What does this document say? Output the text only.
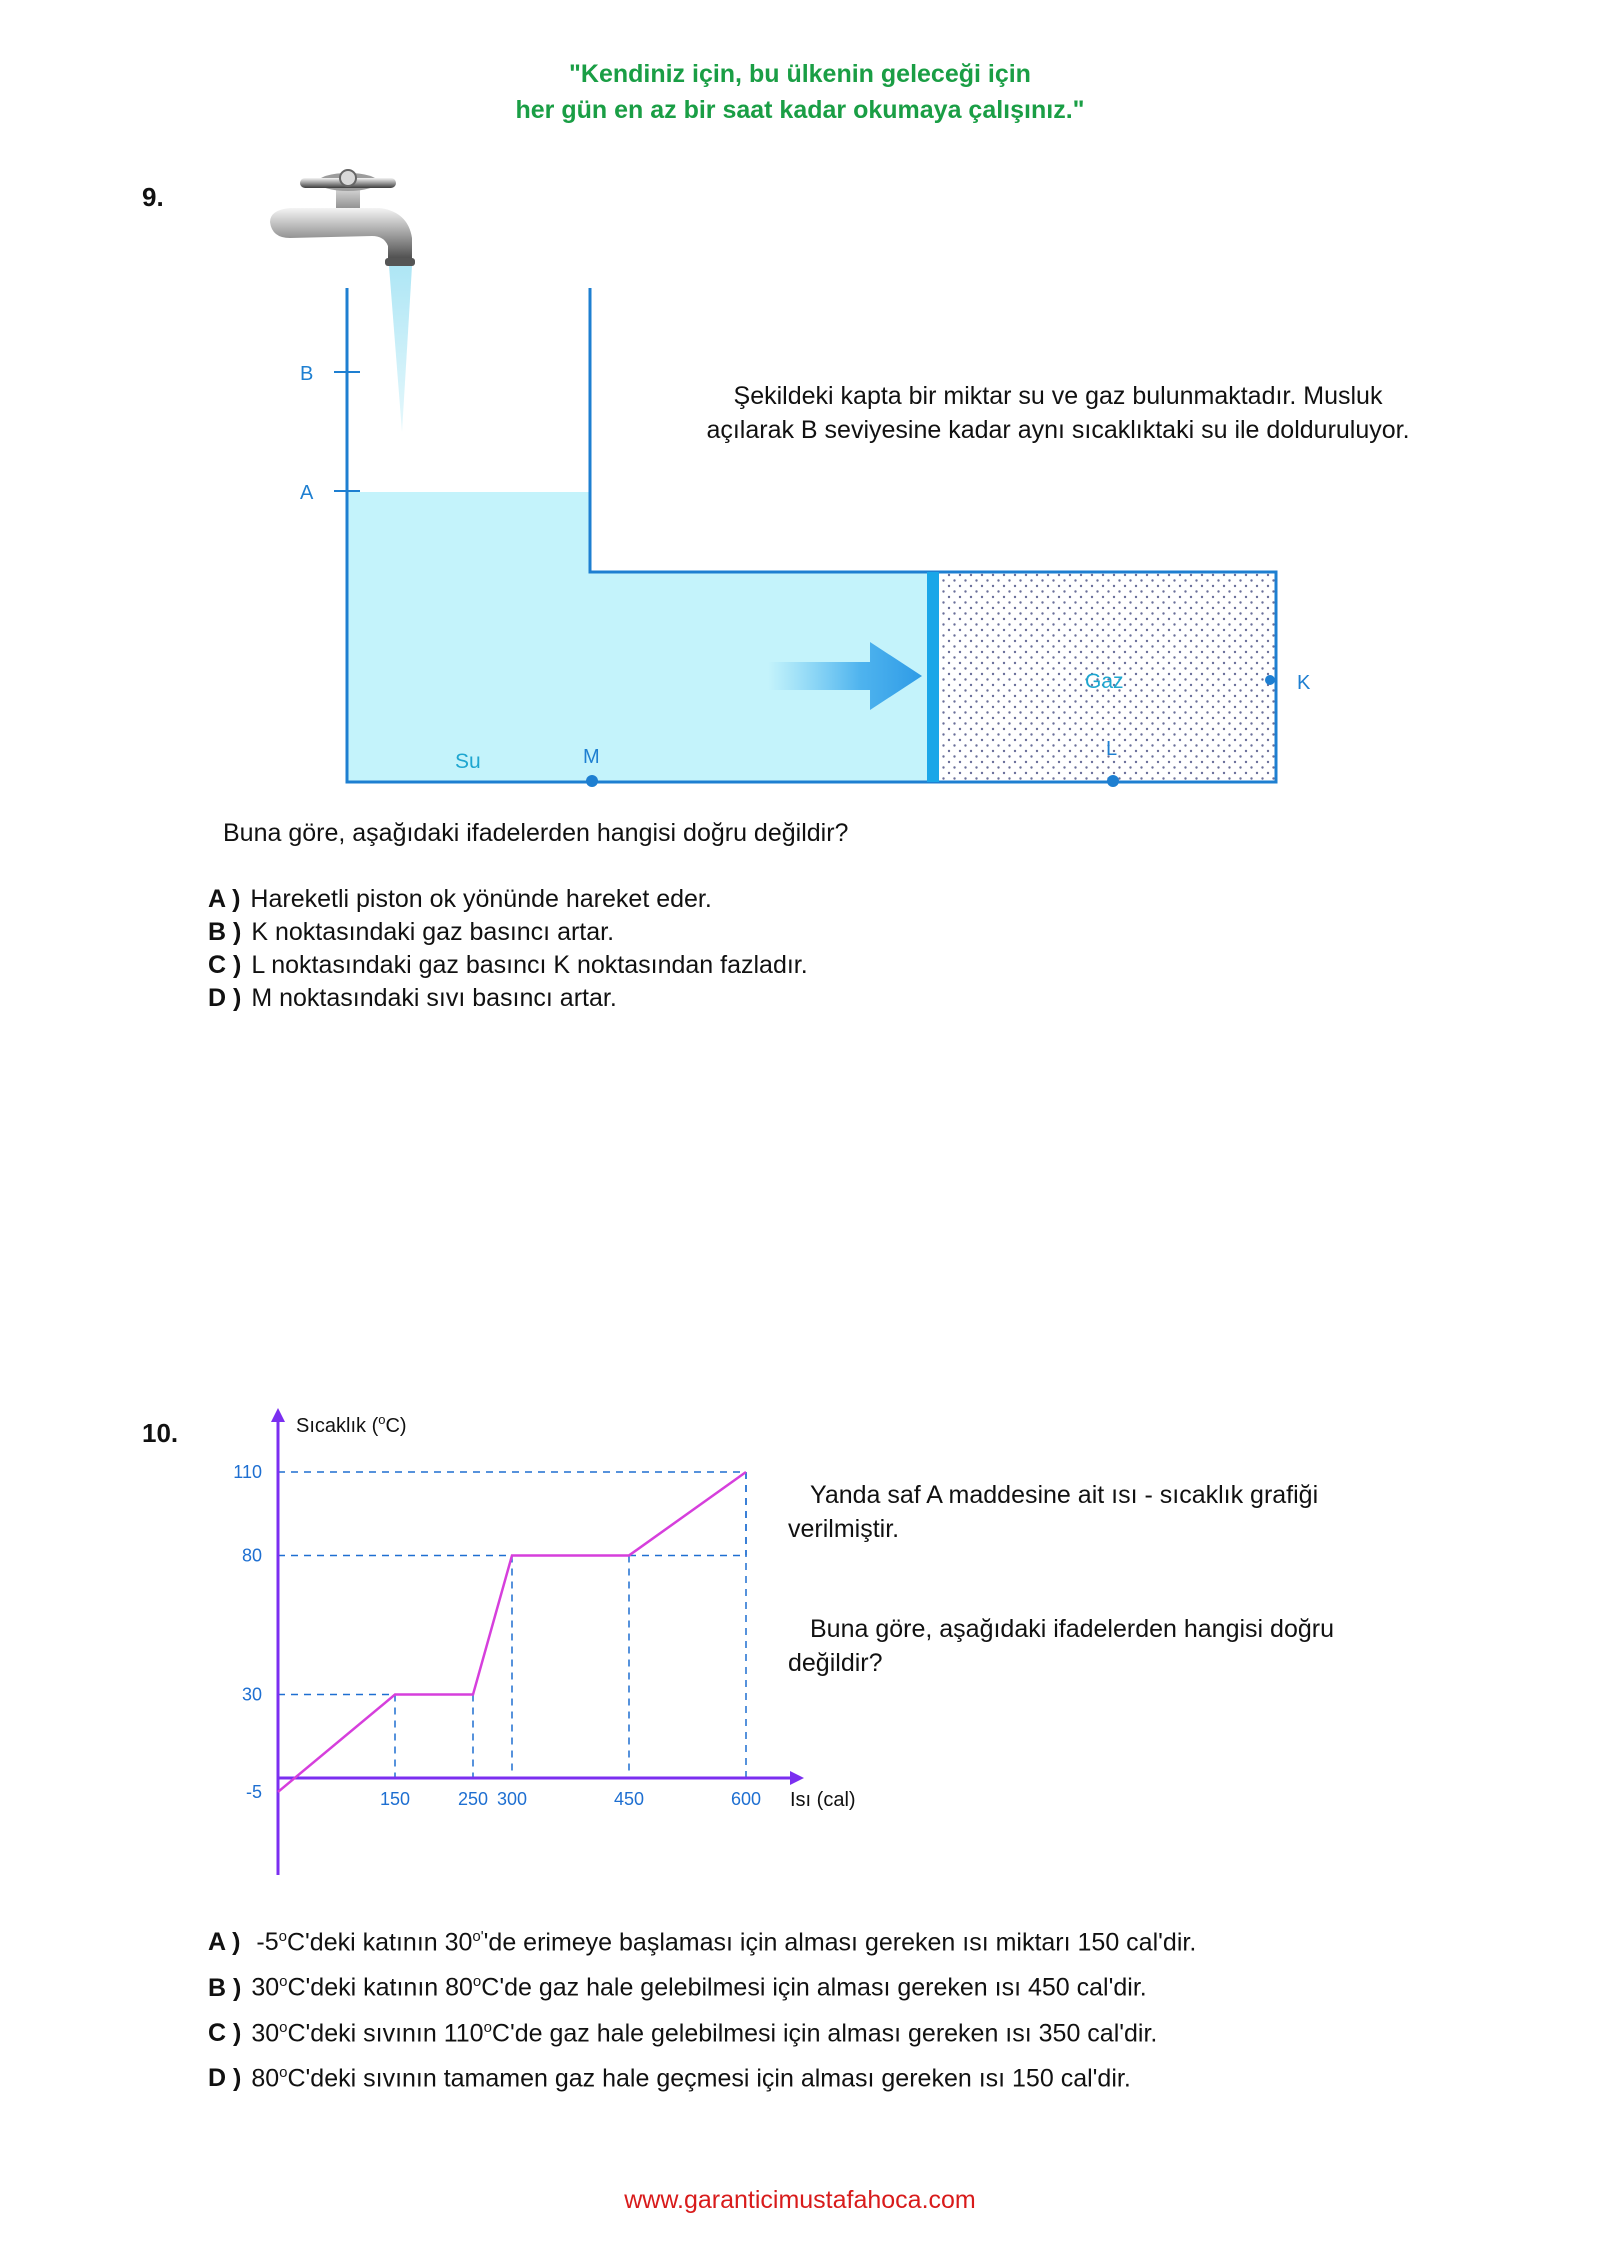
"Kendiniz için, bu ülkenin geleceği için
her gün en az bir saat kadar okumaya çalışınız."
9.
B
A
Su	M
Gaz
L
K
Şekildeki kapta bir miktar su ve gaz bulunmaktadır. Musluk
açılarak B seviyesine kadar aynı sıcaklıktaki su ile dolduruluyor.
Buna göre, aşağıdaki ifadelerden hangisi doğru değildir?
A ) Hareketli piston ok yönünde hareket eder.
B ) K noktasındaki gaz basıncı artar.
C ) L noktasındaki gaz basıncı K noktasından fazladır.
D ) M noktasındaki sıvı basıncı artar.
10.
150	250 300	450	600
-5
30
80
110
Sıcaklık ($^o$C)
Isı (cal)
Yanda saf A maddesine ait ısı - sıcaklık grafiği
verilmiştir.
Buna göre, aşağıdaki ifadelerden hangisi doğru
değildir?
A ) -5$^o$C'deki katının $30^{o'}'de$ erimeye başlaması için alması gereken ısı miktarı 150 cal'dir.
B ) 30$^o$C'deki katının 80$^o$C'de gaz hale gelebilmesi için alması gereken ısı 450 cal'dir.
C ) 30$^o$C'deki sıvının 110$^o$C'de gaz hale gelebilmesi için alması gereken ısı 350 cal'dir.
D ) 80$^o$C'deki sıvının tamamen gaz hale geçmesi için alması gereken ısı 150 cal'dir.
www.garanticimustafahoca.com
